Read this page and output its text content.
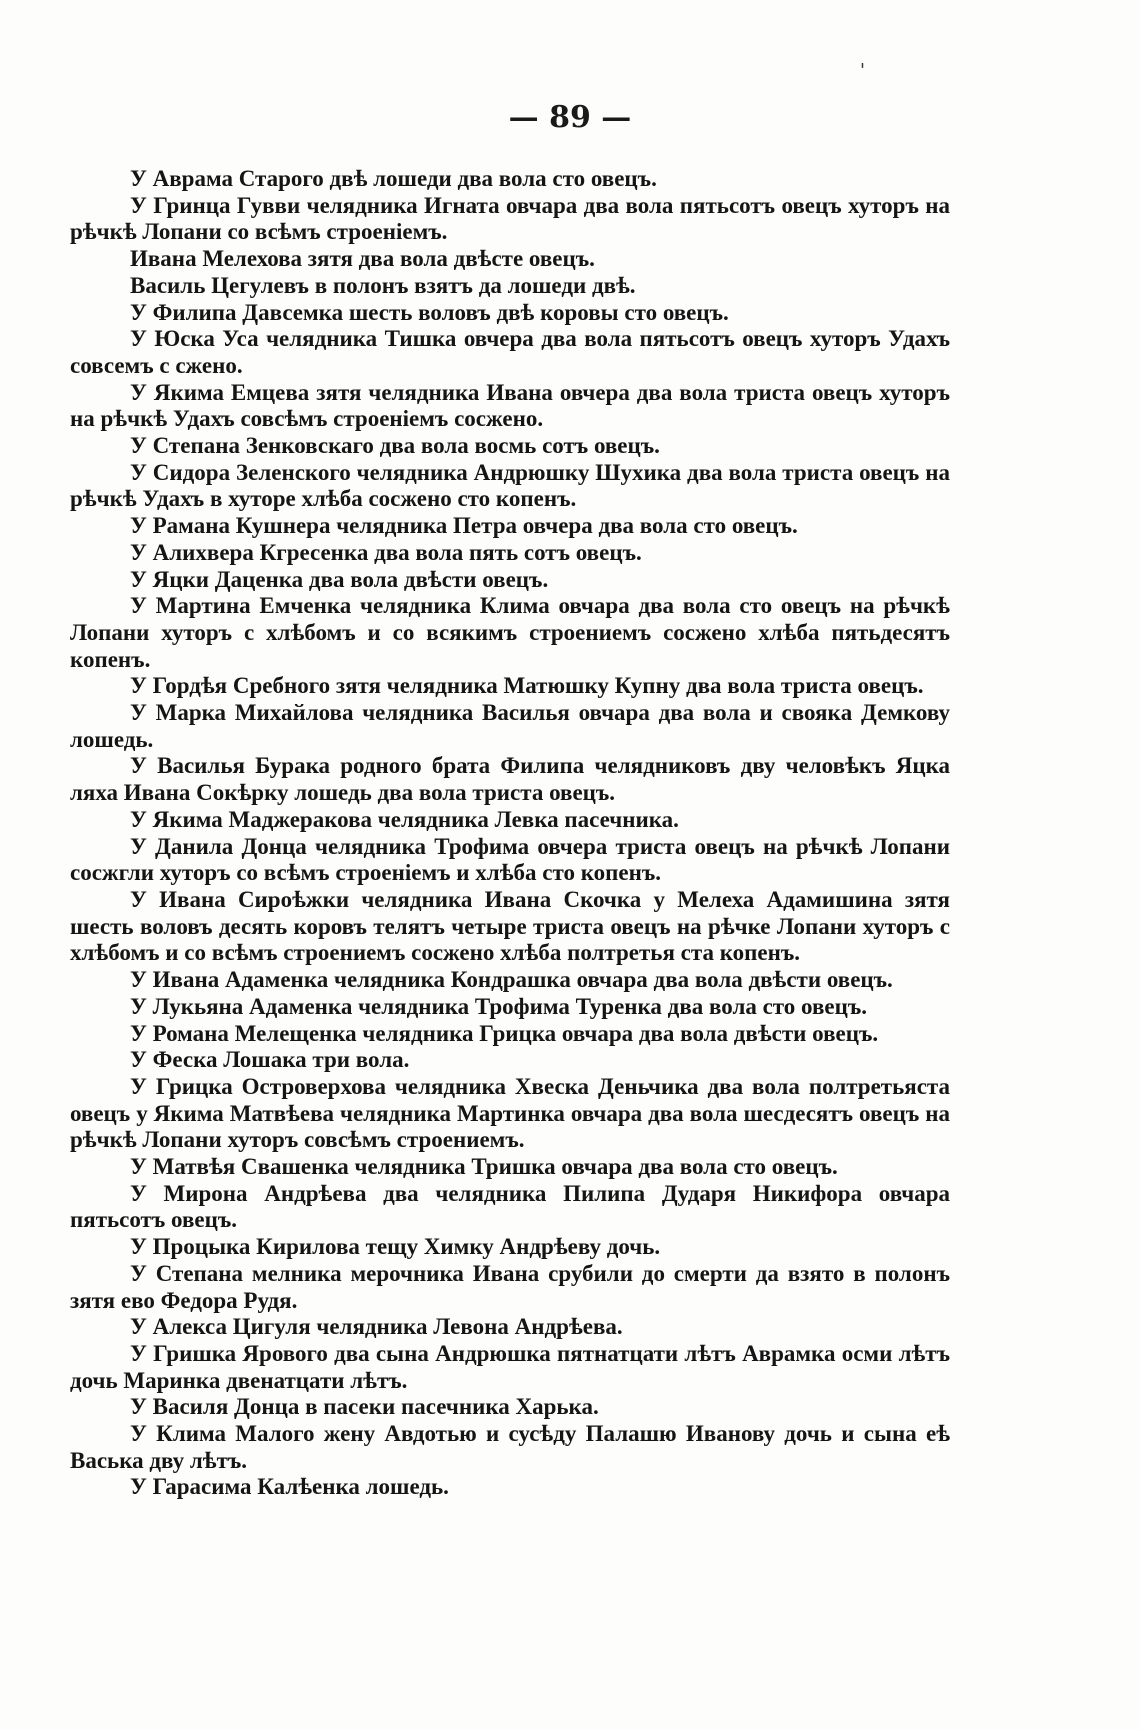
'
— 89 —

У Аврама Старого двѣ лошеди два вола сто овецъ.

У Гринца Гувви челядника Игната овчара два вола пятьсотъ овецъ хуторъ на рѣчкѣ Лопани со всѣмъ строеніемъ.

Ивана Мелехова зятя два вола двѣсте овецъ.

Василь Цегулевъ в полонъ взятъ да лошеди двѣ.

У Филипа Давсемка шесть воловъ двѣ коровы сто овецъ.

У Юска Уса челядника Тишка овчера два вола пятьсотъ овецъ хуторъ Удахъ совсемъ с сжено.

У Якима Емцева зятя челядника Ивана овчера два вола триста овецъ хуторъ на рѣчкѣ Удахъ совсѣмъ строеніемъ сосжено.

У Степана Зенковскаго два вола восмь сотъ овецъ.

У Сидора Зеленского челядника Андрюшку Шухика два вола триста овецъ на рѣчкѣ Удахъ в хуторе хлѣба сосжено сто копенъ.

У Рамана Кушнера челядника Петра овчера два вола сто овецъ.

У Алихвера Кгресенка два вола пять сотъ овецъ.

У Яцки Даценка два вола двѣсти овецъ.

У Мартина Емченка челядника Клима овчара два вола сто овецъ на рѣчкѣ Лопани хуторъ с хлѣбомъ и со всякимъ строениемъ сосжено хлѣба пятьдесятъ копенъ.

У Гордѣя Сребного зятя челядника Матюшку Купну два вола триста овецъ.

У Марка Михайлова челядника Василья овчара два вола и своякa Демкову лошедь.

У Василья Бурака родного брата Филипа челядниковъ дву человѣкъ Яцка ляха Ивана Сокѣрку лошедь два вола триста овецъ.

У Якима Маджеракова челядника Левка пасечника.

У Данила Донца челядника Трофима овчера триста овецъ на рѣчкѣ Лопани сосжгли хуторъ со всѣмъ строеніемъ и хлѣба сто копенъ.

У Ивана Сироѣжки челядника Ивана Скочка у Мелеха Адамишина зятя шесть воловъ десять коровъ телятъ четыре триста овецъ на рѣчке Лопани хуторъ с хлѣбомъ и со всѣмъ строениемъ сосжено хлѣба полтретья ста копенъ.

У Ивана Адаменка челядника Кондрашка овчара два вола двѣсти овецъ.

У Лукьяна Адаменка челядника Трофима Туренка два вола сто овецъ.

У Романа Мелещенка челядника Грицка овчара два вола двѣсти овецъ.

У Феска Лошака три вола.

У Грицка Островерхова челядника Хвеска Деньчика два вола полтретьяста овецъ у Якима Матвѣева челядника Мартинка овчара два вола шесдесятъ овецъ на рѣчкѣ Лопани хуторъ совсѣмъ строениемъ.

У Матвѣя Свашенка челядника Тришка овчара два вола сто овецъ.

У Мирона Андрѣева два челядника Пилипа Дударя Никифора овчара пятьсотъ овецъ.

У Процыка Кирилова тещу Химку Андрѣеву дочь.

У Степана мелника мерочника Ивана срубили до смерти да взято в полонъ зятя ево Федора Рудя.

У Алекса Цигуля челядника Левона Андрѣева.

У Гришка Ярового два сына Андрюшка пятнатцати лѣтъ Аврамка осми лѣтъ дочь Маринка двенатцати лѣтъ.

У Василя Донца в пасеки пасечника Харька.

У Клима Малого жену Авдотью и сусѣду Палашю Иванову дочь и сына еѣ Васька дву лѣтъ.

У Гарасима Калѣенка лошедь.
